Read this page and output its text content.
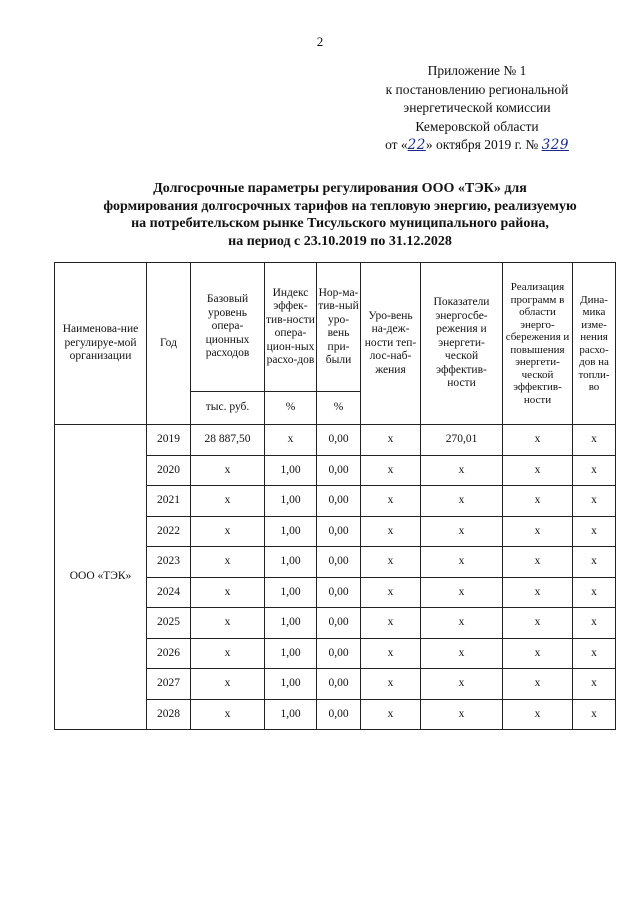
2
Приложение № 1
к постановлению региональной
энергетической комиссии
Кемеровской области
от «22» октября 2019 г. № 329
Долгосрочные параметры регулирования ООО «ТЭК» для
формирования долгосрочных тарифов на тепловую энергию, реализуемую
на потребительском рынке Тисульского муниципального района,
на период с 23.10.2019 по 31.12.2028
Наименова-ние регулируе-мой организации	Год	Базовый уровень опера-ционных расходов	Индекс эффек-тив-ности опера-цион-ных расхо-дов	Нор-ма-тив-ный уро-вень при-были	Уро-вень на-деж-ности теп-лос-наб-жения	Показатели энергосбе-режения и энергети-ческой эффектив-ности	Реализация программ в области энерго-сбережения и повышения энергети-ческой эффектив-ности	Дина-мика изме-нения расхо-дов на топли-во
		тыс. руб.	%	%				
ООО «ТЭК»	2019	28 887,50	x	0,00	x	270,01	x	x
	2020	x	1,00	0,00	x	x	x	x
	2021	x	1,00	0,00	x	x	x	x
	2022	x	1,00	0,00	x	x	x	x
	2023	x	1,00	0,00	x	x	x	x
	2024	x	1,00	0,00	x	x	x	x
	2025	x	1,00	0,00	x	x	x	x
	2026	x	1,00	0,00	x	x	x	x
	2027	x	1,00	0,00	x	x	x	x
	2028	x	1,00	0,00	x	x	x	x
